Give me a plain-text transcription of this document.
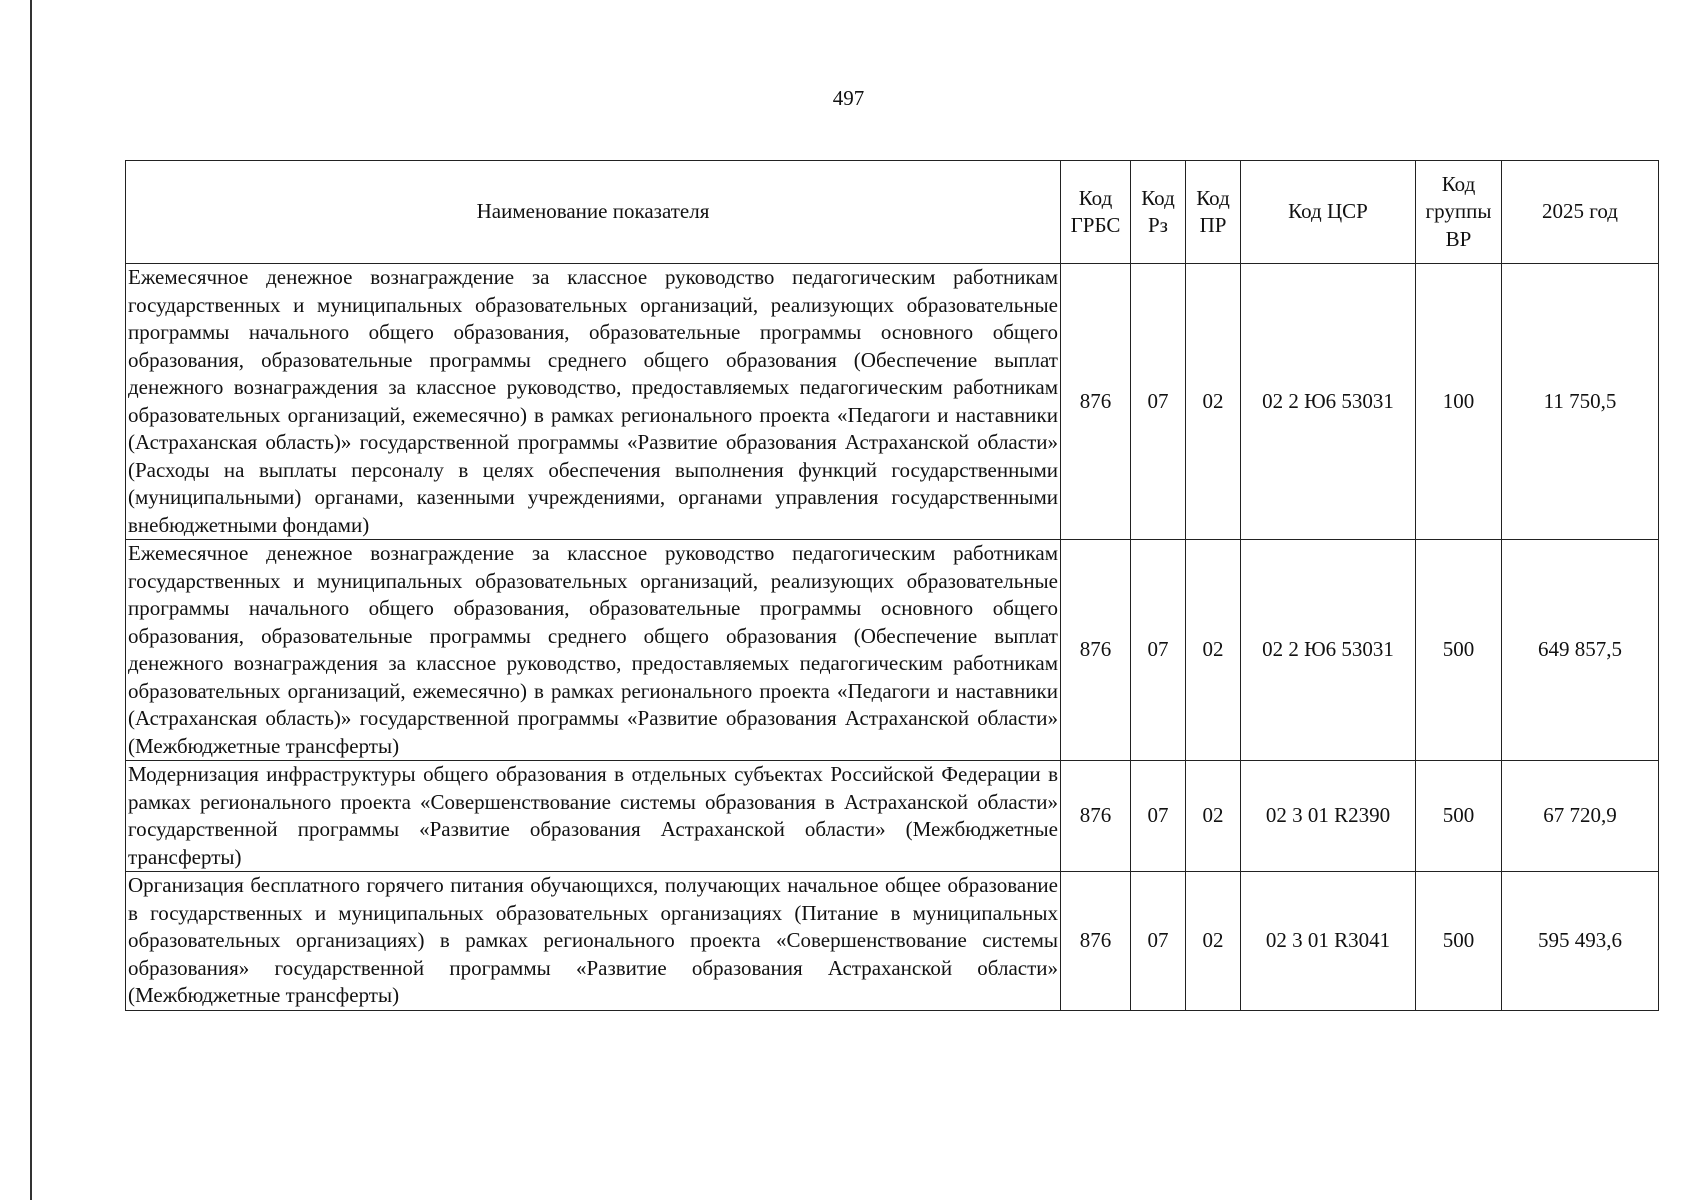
497
Наименование показателя	Код ГРБС	Код Рз	Код ПР	Код ЦСР	Код группы ВР	2025 год
Ежемесячное денежное вознаграждение за классное руководство педагогическим работникам государственных и муниципальных образовательных организаций, реализующих образовательные программы начального общего образования, образовательные программы основного общего образования, образовательные программы среднего общего образования (Обеспечение выплат денежного вознаграждения за классное руководство, предоставляемых педагогическим работникам образовательных организаций, ежемесячно) в рамках регионального проекта «Педагоги и наставники (Астраханская область)» государственной программы «Развитие образования Астраханской области» (Расходы на выплаты персоналу в целях обеспечения выполнения функций государственными (муниципальными) органами, казенными учреждениями, органами управления государственными внебюджетными фондами)	876	07	02	02 2 Ю6 53031	100	11 750,5
Ежемесячное денежное вознаграждение за классное руководство педагогическим работникам государственных и муниципальных образовательных организаций, реализующих образовательные программы начального общего образования, образовательные программы основного общего образования, образовательные программы среднего общего образования (Обеспечение выплат денежного вознаграждения за классное руководство, предоставляемых педагогическим работникам образовательных организаций, ежемесячно) в рамках регионального проекта «Педагоги и наставники (Астраханская область)» государственной программы «Развитие образования Астраханской области» (Межбюджетные трансферты)	876	07	02	02 2 Ю6 53031	500	649 857,5
Модернизация инфраструктуры общего образования в отдельных субъектах Российской Федерации в рамках регионального проекта «Совершенствование системы образования в Астраханской области» государственной программы «Развитие образования Астраханской области» (Межбюджетные трансферты)	876	07	02	02 3 01 R2390	500	67 720,9
Организация бесплатного горячего питания обучающихся, получающих начальное общее образование в государственных и муниципальных образовательных организациях (Питание в муниципальных образовательных организациях) в рамках регионального проекта «Совершенствование системы образования» государственной программы «Развитие образования Астраханской области» (Межбюджетные трансферты)	876	07	02	02 3 01 R3041	500	595 493,6
